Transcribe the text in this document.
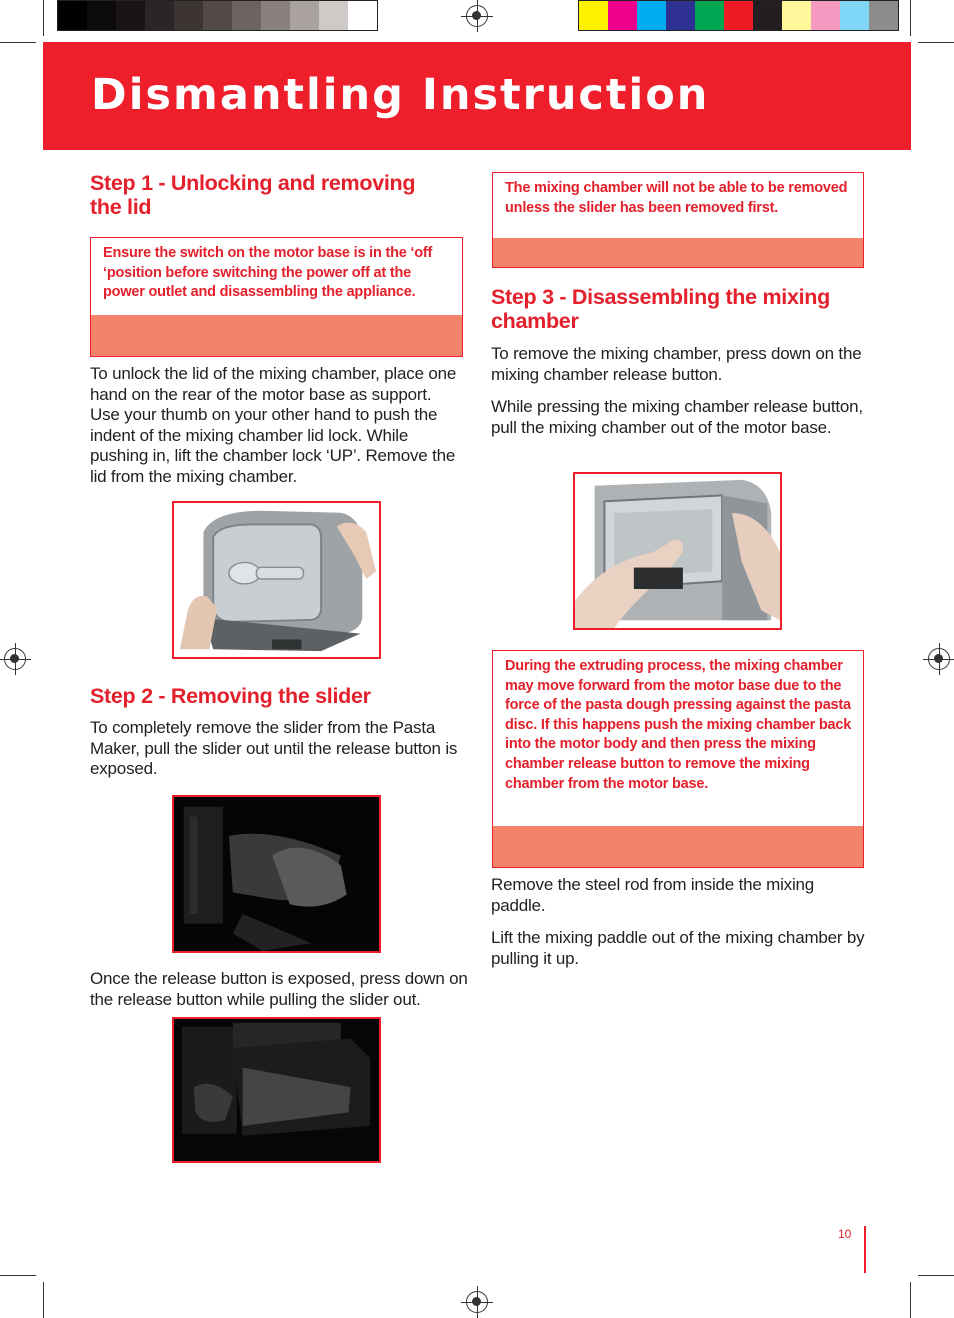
Dismantling Instruction
Step 1 - Unlocking and removing the lid

Ensure the switch on the motor base is in the ‘off ‘position before switching the power off at the power outlet and disassembling the appliance.

To unlock the lid of the mixing chamber, place one hand on the rear of the motor base as support. Use your thumb on your other hand to push the indent of the mixing chamber lid lock. While pushing in, lift the chamber lock ‘UP’. Remove the lid from the mixing chamber.

Step 2 - Removing the slider

To completely remove the slider from the Pasta Maker, pull the slider out until the release button is exposed.

Once the release button is exposed, press down on the release button while pulling the slider out.

The mixing chamber will not be able to be removed unless the slider has been removed first.

Step 3 - Disassembling the mixing chamber

To remove the mixing chamber, press down on the mixing chamber release button.

While pressing the mixing chamber release button, pull the mixing chamber out of the motor base.

During the extruding process, the mixing chamber may move forward from the motor base due to the force of the pasta dough pressing against the pasta disc. If this happens push the mixing chamber back into the motor body and then press the mixing chamber release button to remove the mixing chamber from the motor base.

Remove the steel rod from inside the mixing paddle.

Lift the mixing paddle out of the mixing chamber by pulling it up.

10
